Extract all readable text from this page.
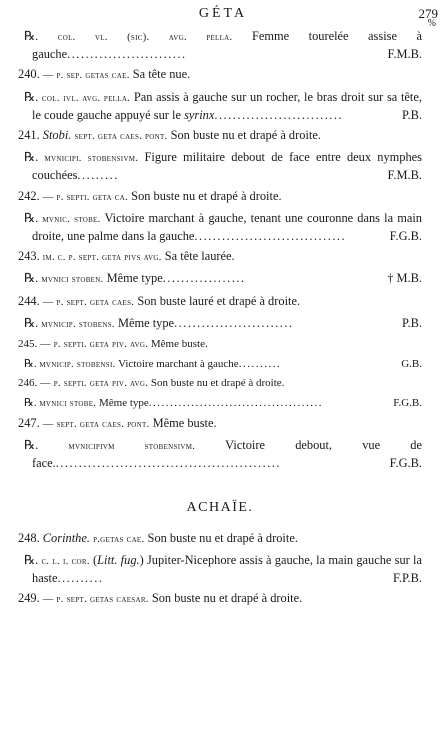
GÉTA	279
%

℞. col. vl. (sic). avg. pella. Femme tourelée assise à gauche..........................	F.M.B.

240. — p. sep. getas cae. Sa tête nue.

℞. col. ivl. avg. pella. Pan assis à gauche sur un rocher, le bras droit sur sa tête, le coude gauche appuyé sur le syrinx............................	P.B.

241. Stobi. sept. geta caes. pont. Son buste nu et drapé à droite.

℞. mvnicipi. stobensivm. Figure militaire debout de face entre deux nymphes couchées.........	F.M.B.

242. — p. septi. geta ca. Son buste nu et drapé à droite.

℞. mvnic. stobe. Victoire marchant à gauche, tenant une couronne dans la main droite, une palme dans la gauche.................................	F.G.B.

243. im. c. p. sept. geta pivs avg. Sa tête laurée.

℞. mvnici stoben. Même type..................	† M.B.

244. — p. sept. geta caes. Son buste lauré et drapé à droite.

℞. mvnicip. stobens. Même type..........................	P.B.

245. — p. septi. geta piv. avg. Même buste.

℞. mvnicip. stobensi. Victoire marchant à gauche..........	G.B.

246. — p. septi. geta piv. avg. Son buste nu et drapé à droite.

℞. mvnici stobe. Même type.........................................	F.G.B.

247. — sept. geta caes. pont. Même buste.

℞.	mvnicipivm stobensivm. Victoire debout, vue de face..................................................	F.G.B.

ACHAÏE.

248. Corinthe. p.getas cae. Son buste nu et drapé à droite.

℞. c. l. i. cor. (Litt. fug.) Jupiter-Nicephore assis à gauche, la main gauche sur la haste..........	F.P.B.

249. — p. sept. getas caesar. Son buste nu et drapé à droite.
